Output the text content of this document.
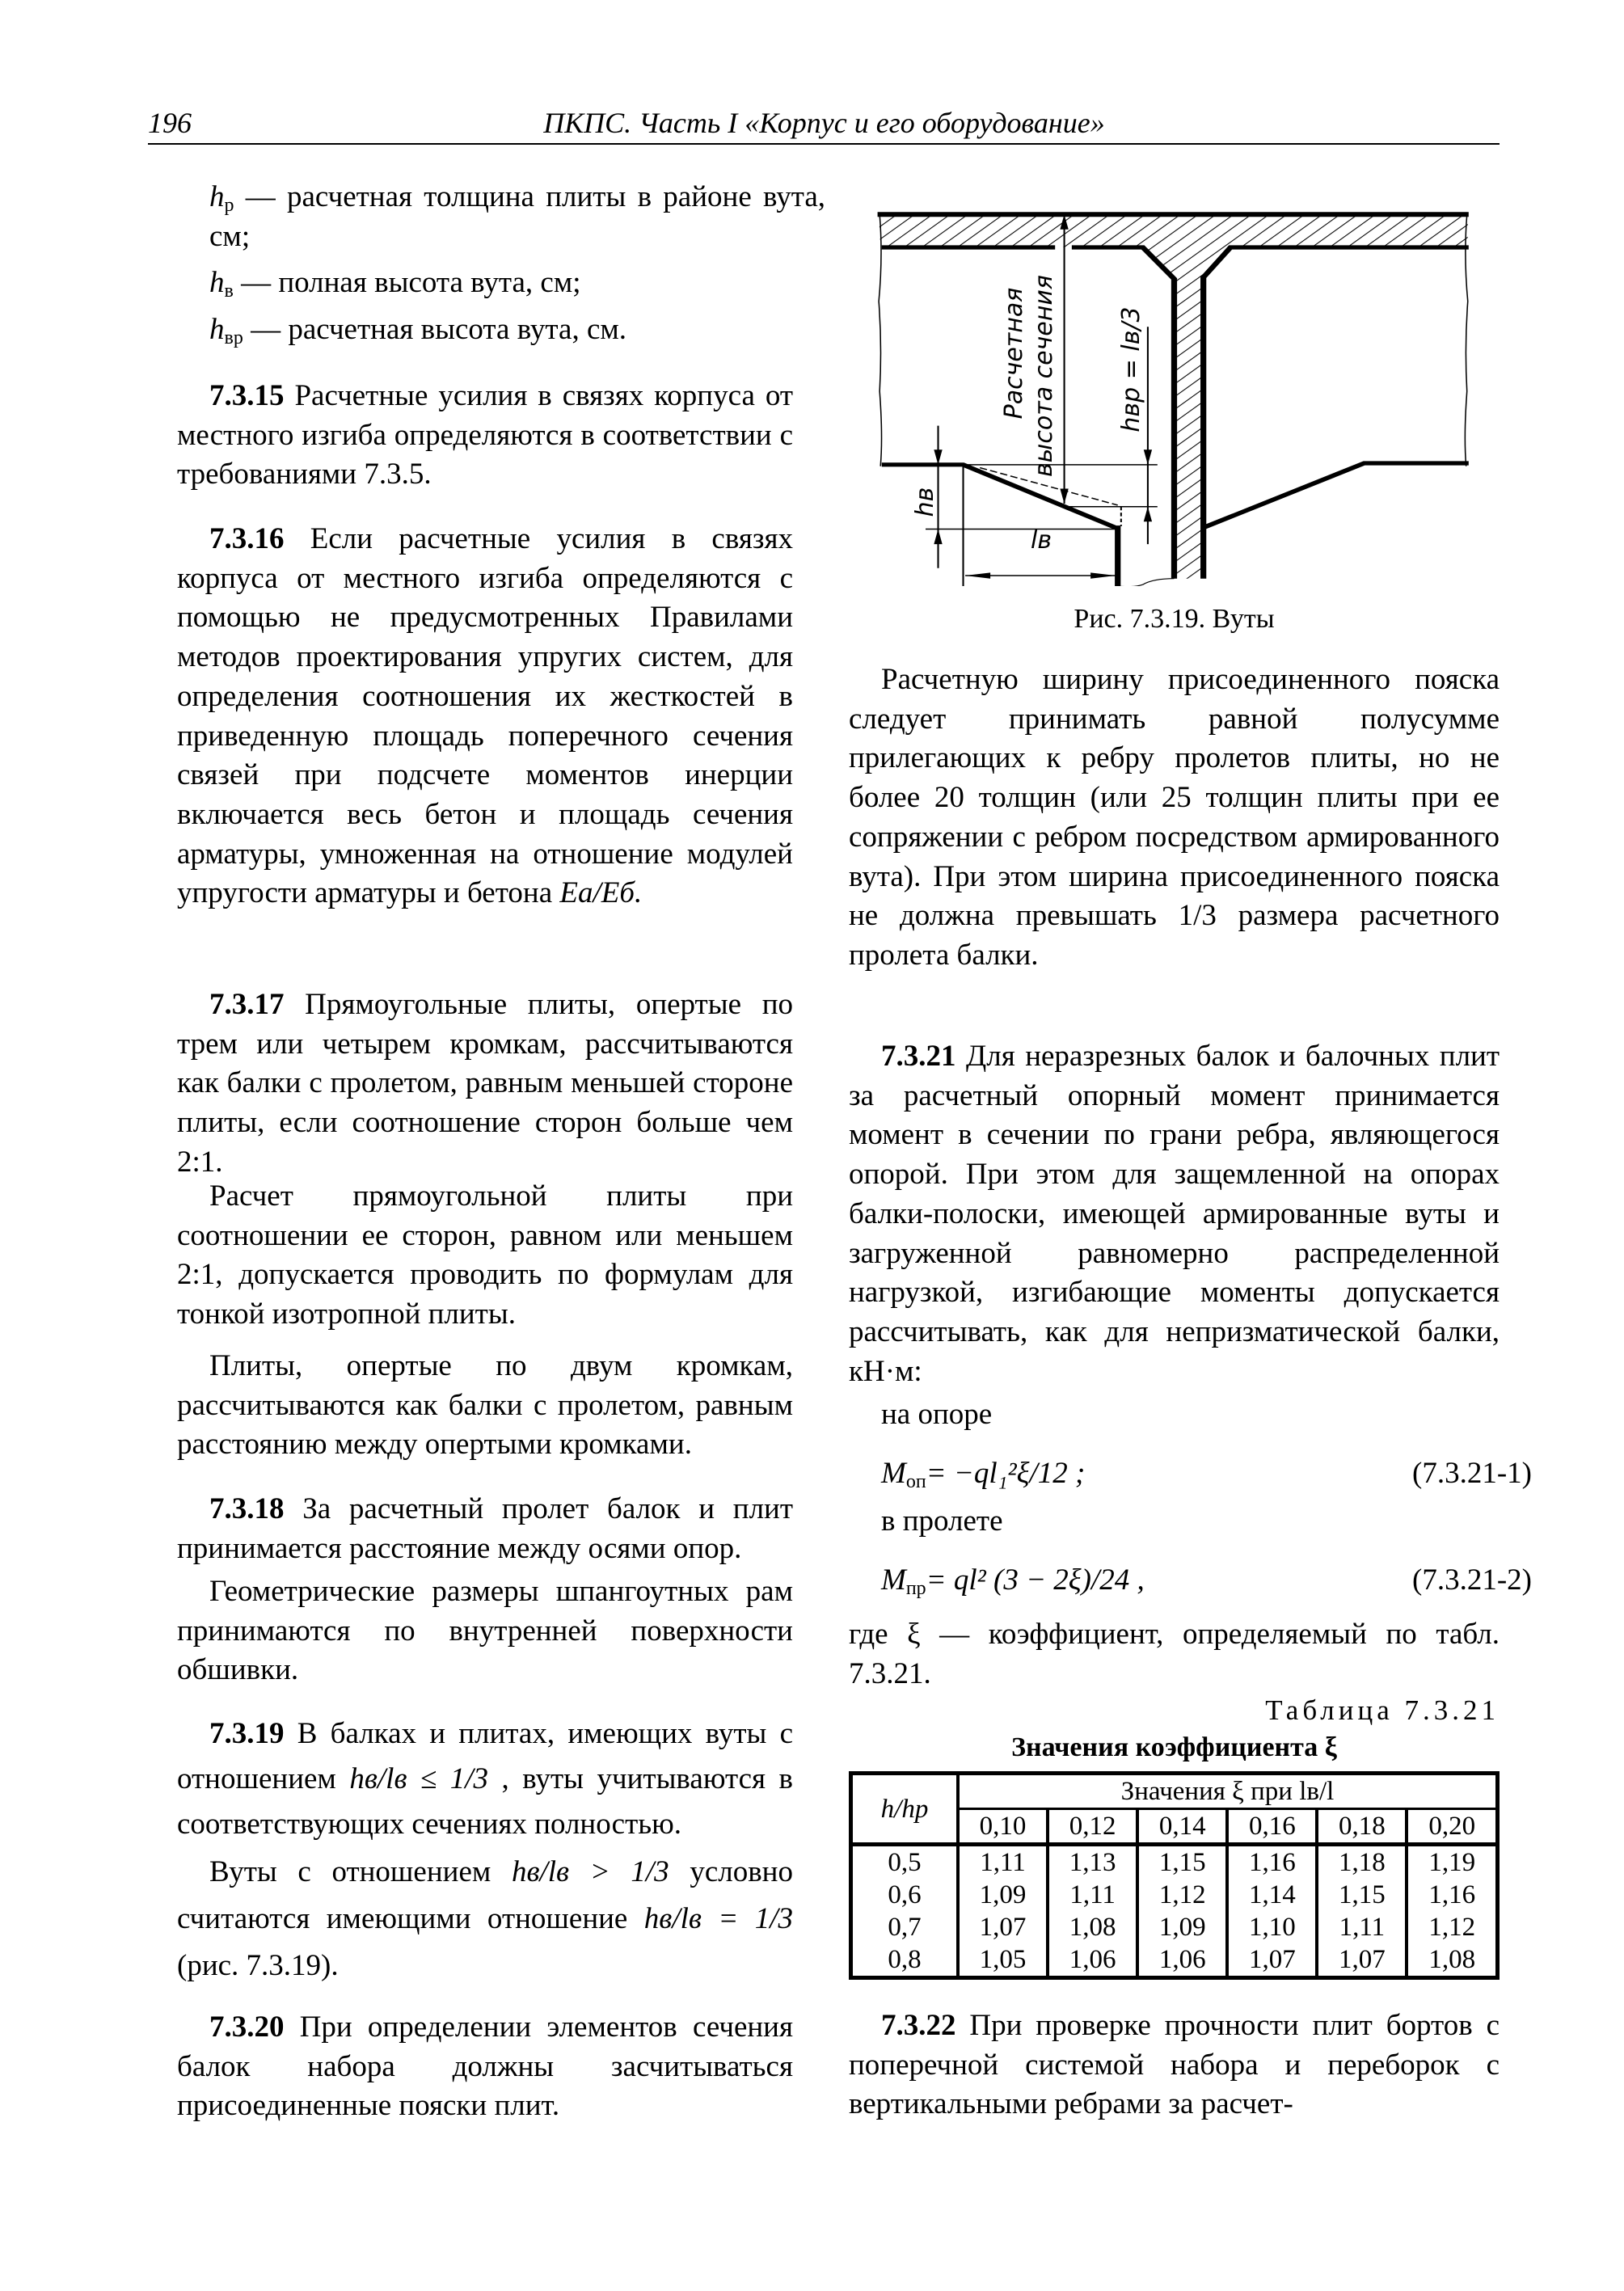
196	ПКПС. Часть I «Корпус и его оборудование»
$h_р$ — расчетная толщина плиты в районе вута, см;
$h_в$ — полная высота вута, см;
$h_{вр}$ — расчетная высота вута, см.
7.3.15 Расчетные усилия в связях корпуса от местного изгиба определяются в соответствии с требованиями 7.3.5.
7.3.16 Если расчетные усилия в связях корпуса от местного изгиба определяются с помощью не предусмотренных Правилами методов проектирования упругих систем, для определения соотношения их жесткостей в приведенную площадь поперечного сечения связей при подсчете моментов инерции включается весь бетон и площадь сечения арматуры, умноженная на отношение модулей упругости арматуры и бетона Eа/Eб.
7.3.17 Прямоугольные плиты, опертые по трем или четырем кромкам, рассчитываются как балки с пролетом, равным меньшей стороне плиты, если соотношение сторон больше чем 2:1.
Расчет прямоугольной плиты при соотношении ее сторон, равном или меньшем 2:1, допускается проводить по формулам для тонкой изотропной плиты.
Плиты, опертые по двум кромкам, рассчитываются как балки с пролетом, равным расстоянию между опертыми кромками.
7.3.18 За расчетный пролет балок и плит принимается расстояние между осями опор.
Геометрические размеры шпангоутных рам принимаются по внутренней поверхности обшивки.
7.3.19 В балках и плитах, имеющих вуты с отношением hв/lв ≤ 1/3 , вуты учитываются в соответствующих сечениях полностью.
Вуты с отношением hв/lв > 1/3 условно считаются имеющими отношение hв/lв = 1/3 (рис. 7.3.19).
7.3.20 При определении элементов сечения балок набора должны засчитываться присоединенные пояски плит.
Расчетная высота сечения hвр = lв/3
hв
lв
Рис. 7.3.19. Вуты
Расчетную ширину присоединенного пояска следует принимать равной полусумме прилегающих к ребру пролетов плиты, но не более 20 толщин (или 25 толщин плиты при ее сопряжении с ребром посредством армированного вута). При этом ширина присоединенного пояска не должна превышать 1/3 размера расчетного пролета балки.
7.3.21 Для неразрезных балок и балочных плит за расчетный опорный момент принимается момент в сечении по грани ребра, являющегося опорой. При этом для защемленной на опорах балки-полоски, имеющей армированные вуты и загруженной равномерно распределенной нагрузкой, изгибающие моменты допускается рассчитывать, как для непризматической балки, кН·м:
на опоре
$M_{оп}= -ql_1^2\xi/12$ ;	(7.3.21-1)
в пролете
$M_{пр}= ql^2$ (3 − 2ξ)/24 ,	(7.3.21-2)
где ξ — коэффициент, определяемый по табл. 7.3.21.
Таблица 7.3.21
Значения коэффициента ξ
h/hр	Значения ξ при lв/l					
	0,10	0,12	0,14	0,16	0,18	0,20
0,5	1,11	1,13	1,15	1,16	1,18	1,19
0,6	1,09	1,11	1,12	1,14	1,15	1,16
0,7	1,07	1,08	1,09	1,10	1,11	1,12
0,8	1,05	1,06	1,06	1,07	1,07	1,08
7.3.22 При проверке прочности плит бортов с поперечной системой набора и переборок с вертикальными ребрами за расчет-
